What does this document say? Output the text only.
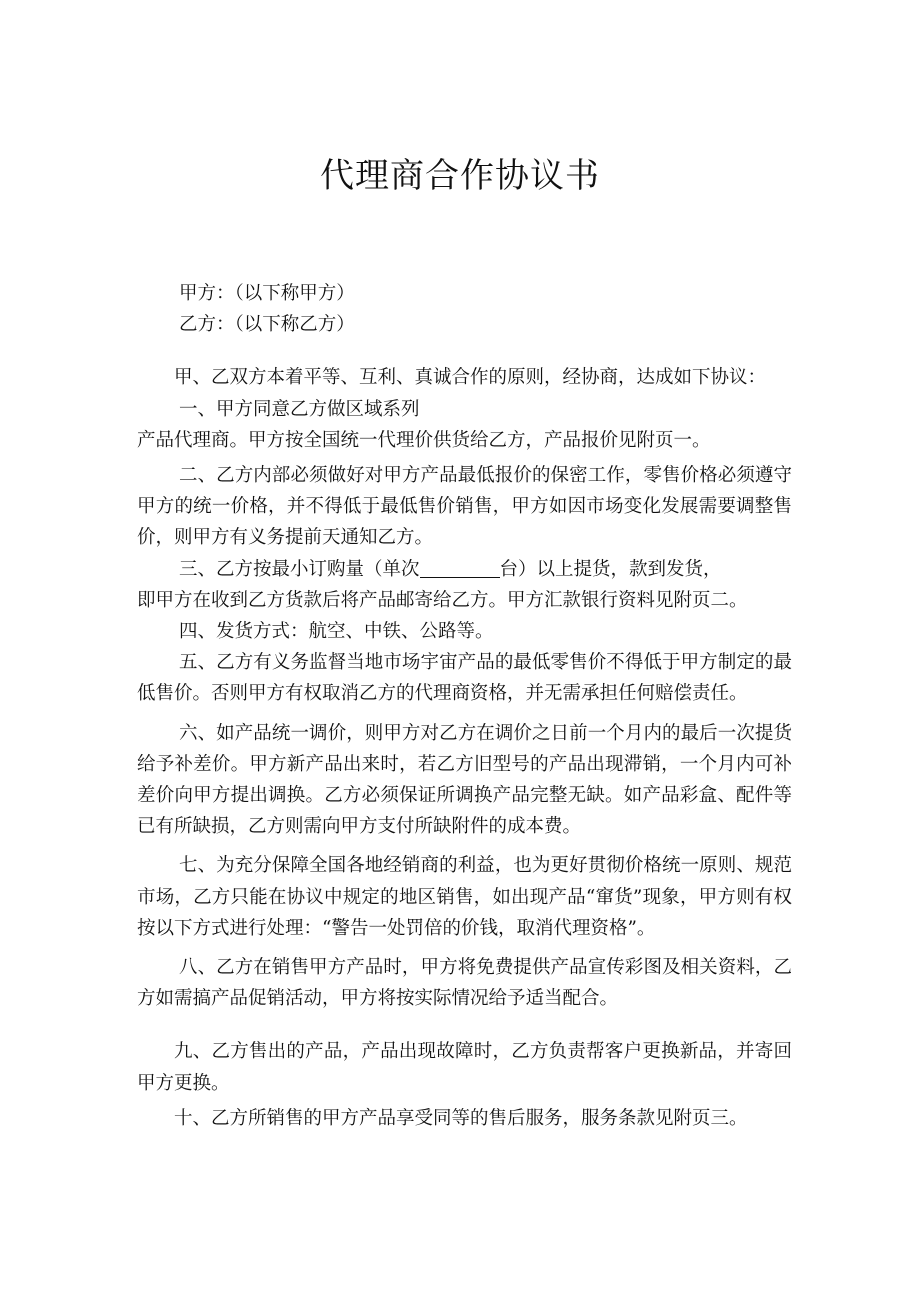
代理商合作协议书

甲方：（以下称甲方）

乙方：（以下称乙方）

甲、乙双方本着平等、互利、真诚合作的原则，经协商，达成如下协议：

一、甲方同意乙方做区域系列

产品代理商。甲方按全国统一代理价供货给乙方，产品报价见附页一。

二、乙方内部必须做好对甲方产品最低报价的保密工作，零售价格必须遵守甲方的统一价格，并不得低于最低售价销售，甲方如因市场变化发展需要调整售价，则甲方有义务提前天通知乙方。

三、乙方按最小订购量（单次	台）以上提货，款到发货，

即甲方在收到乙方货款后将产品邮寄给乙方。甲方汇款银行资料见附页二。

四、发货方式：航空、中铁、公路等。

五、乙方有义务监督当地市场宇宙产品的最低零售价不得低于甲方制定的最低售价。否则甲方有权取消乙方的代理商资格，并无需承担任何赔偿责任。

六、如产品统一调价，则甲方对乙方在调价之日前一个月内的最后一次提货给予补差价。甲方新产品出来时，若乙方旧型号的产品出现滞销，一个月内可补差价向甲方提出调换。乙方必须保证所调换产品完整无缺。如产品彩盒、配件等已有所缺损，乙方则需向甲方支付所缺附件的成本费。

七、为充分保障全国各地经销商的利益，也为更好贯彻价格统一原则、规范市场，乙方只能在协议中规定的地区销售，如出现产品“窜货”现象，甲方则有权按以下方式进行处理：“警告一处罚倍的价钱，取消代理资格”。

八、乙方在销售甲方产品时，甲方将免费提供产品宣传彩图及相关资料，乙方如需搞产品促销活动，甲方将按实际情况给予适当配合。

九、乙方售出的产品，产品出现故障时，乙方负责帮客户更换新品，并寄回甲方更换。

十、乙方所销售的甲方产品享受同等的售后服务，服务条款见附页三。
